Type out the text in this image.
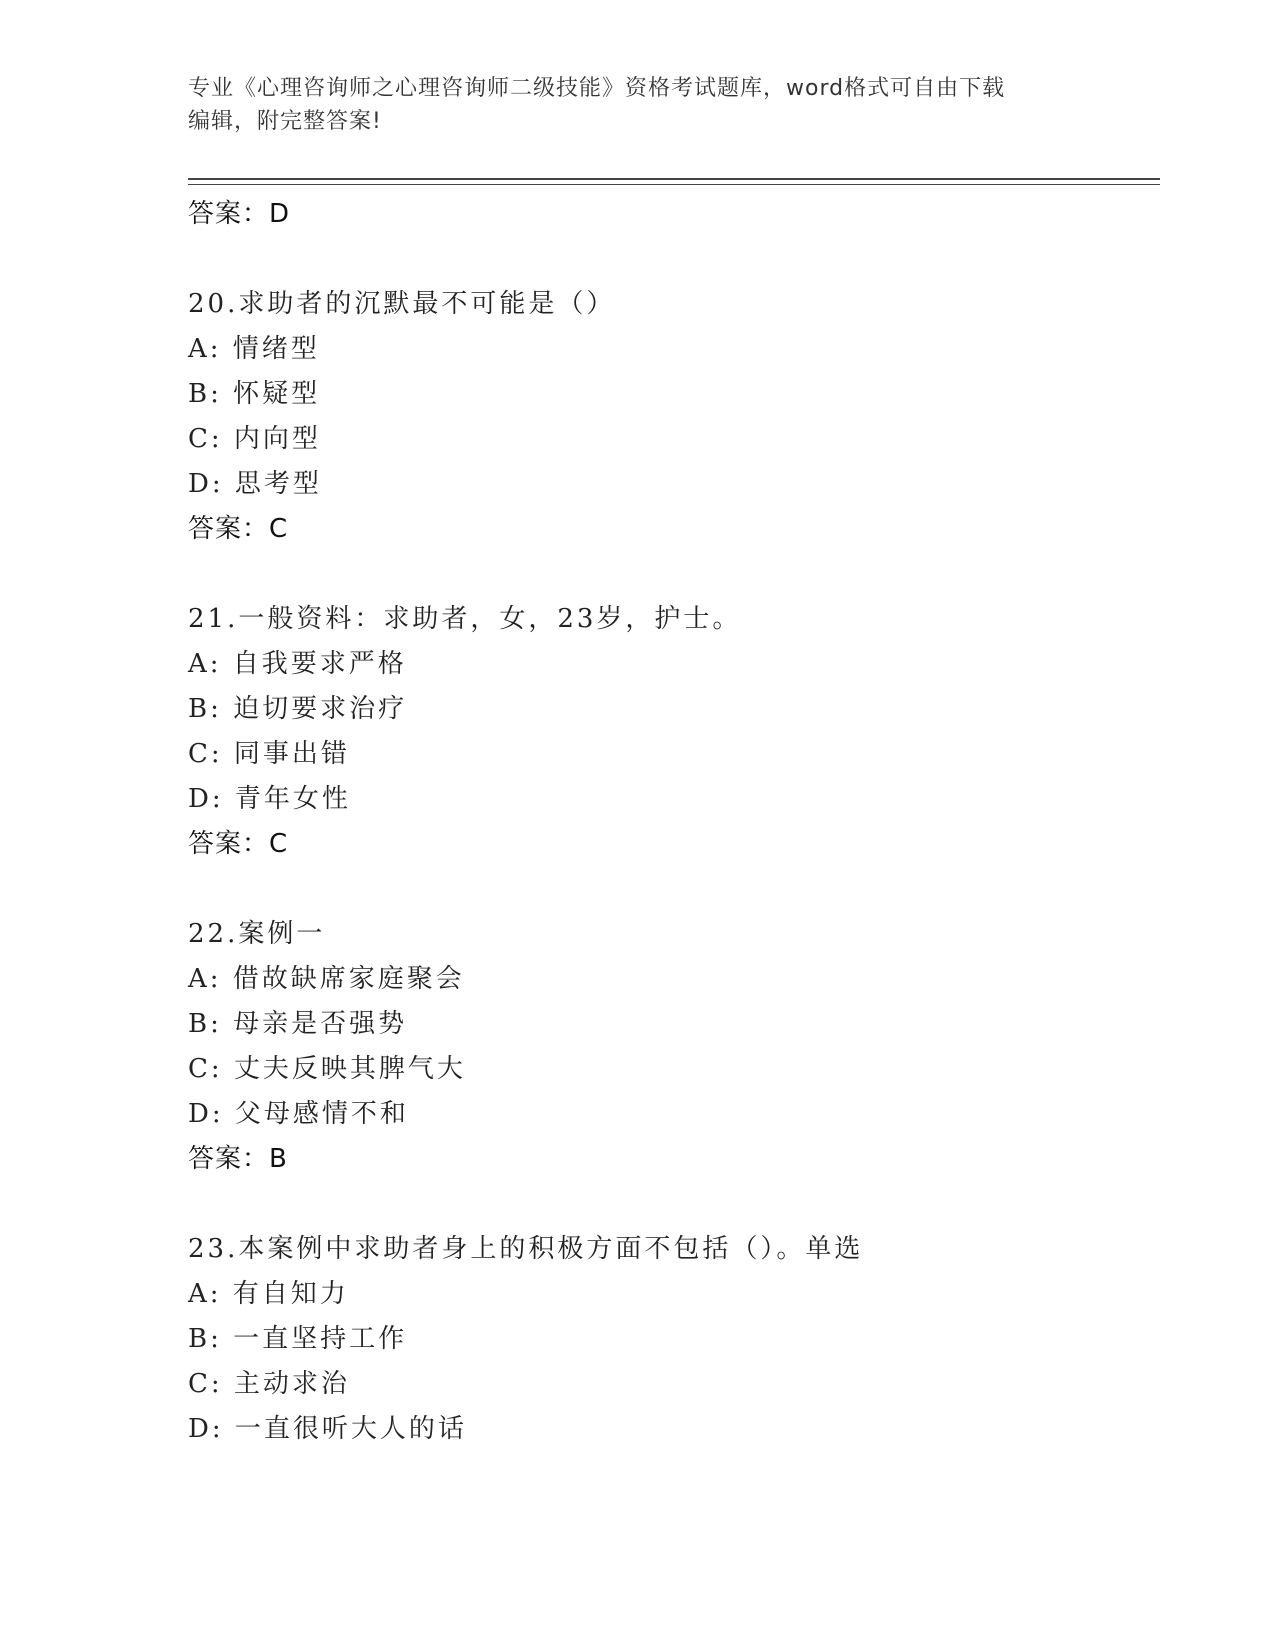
专业《心理咨询师之心理咨询师二级技能》资格考试题库，word格式可自由下载
编辑，附完整答案!
答案：D
20.求助者的沉默最不可能是（）
A: 情绪型
B: 怀疑型
C: 内向型
D: 思考型
答案：C
21.一般资料：求助者，女，23岁，护士。
A: 自我要求严格
B: 迫切要求治疗
C: 同事出错
D: 青年女性
答案：C
22.案例一
A: 借故缺席家庭聚会
B: 母亲是否强势
C: 丈夫反映其脾气大
D: 父母感情不和
答案：B
23.本案例中求助者身上的积极方面不包括（）。单选
A: 有自知力
B: 一直坚持工作
C: 主动求治
D: 一直很听大人的话
